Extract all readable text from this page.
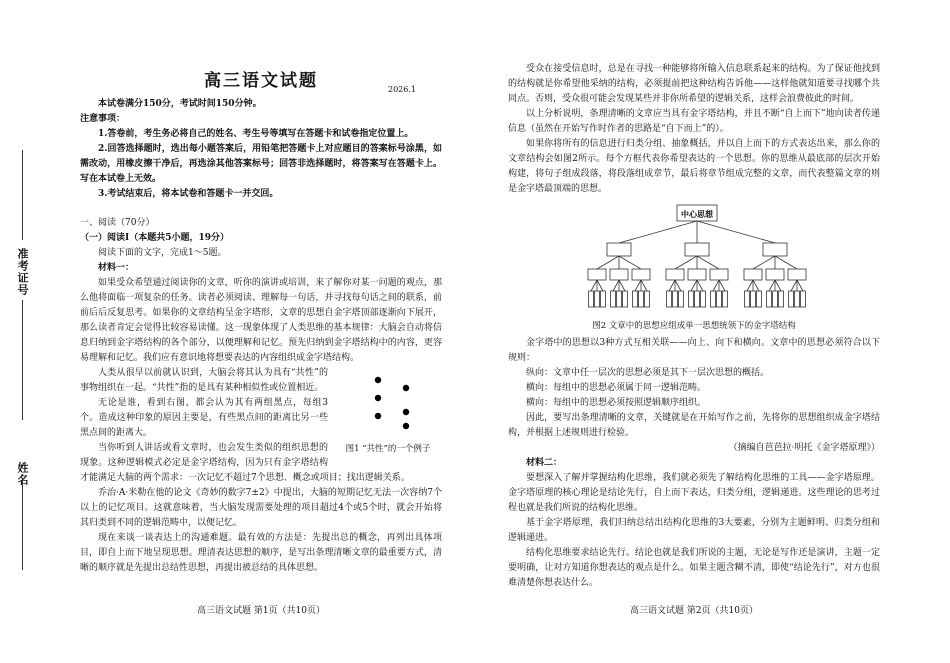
准考证号
姓名
高三语文试题	2026.1

本试卷满分150分，考试时间150分钟。

注意事项：

1.答卷前，考生务必将自己的姓名、考生号等填写在答题卡和试卷指定位置上。

2.回答选择题时，选出每小题答案后，用铅笔把答题卡上对应题目的答案标号涂黑，如需改动，用橡皮擦干净后，再选涂其他答案标号；回答非选择题时，将答案写在答题卡上。写在本试卷上无效。

3.考试结束后，将本试卷和答题卡一并交回。

一、阅读（70分）

（一）阅读Ⅰ（本题共5小题，19分）

阅读下面的文字，完成1～5题。

材料一：

如果受众希望通过阅读你的文章，听你的演讲或培训，来了解你对某一问题的观点，那么他将面临一项复杂的任务。读者必须阅读、理解每一句话，并寻找每句话之间的联系，前前后后反复思考。如果你的文章结构呈金字塔形，文章的思想自金字塔顶部逐渐向下展开，那么读者肯定会觉得比较容易读懂。这一现象体现了人类思维的基本规律：大脑会自动将信息归纳到金字塔结构的各个部分，以便理解和记忆。预先归纳到金字塔结构中的内容，更容易理解和记忆。我们应有意识地将想要表达的内容组织成金字塔结构。

图1 “共性”的一个例子

人类从很早以前就认识到，大脑会将其认为具有“共性”的事物组织在一起。“共性”指的是具有某种相似性或位置相近。

无论是谁，看到右图，都会认为其有两组黑点，每组3个。造成这种印象的原因主要是，有些黑点间的距离比另一些黑点间的距离大。

当你听到人讲话或看文章时，也会发生类似的组织思想的现象。这种逻辑模式必定是金字塔结构，因为只有金字塔结构才能满足大脑的两个需求：一次记忆不超过7个思想、概念或项目；找出逻辑关系。

乔治·A·米勒在他的论文《奇妙的数字7±2》中提出，大脑的短期记忆无法一次容纳7个以上的记忆项目。这就意味着，当大脑发现需要处理的项目超过4个或5个时，就会开始将其归类到不同的逻辑范畴中，以便记忆。

现在来谈一谈表达上的沟通难题。最有效的方法是：先提出总的概念，再列出具体项目，即自上而下地呈现思想。理清表达思想的顺序，是写出条理清晰文章的最重要方式，清晰的顺序就是先提出总结性思想，再提出被总结的具体思想。

高三语文试题 第1页（共10页）

受众在接受信息时，总是在寻找一种能够将所输入信息联系起来的结构。为了保证他找到的结构就是你希望他采纳的结构，必须提前把这种结构告诉他——这样他就知道要寻找哪个共同点。否则，受众很可能会发现某些并非你所希望的逻辑关系，这样会浪费彼此的时间。

以上分析说明，条理清晰的文章应当具有金字塔结构，并且不断“自上而下”地向读者传递信息（虽然在开始写作时作者的思路是“自下而上”的）。

如果你将所有的信息进行归类分组、抽象概括，并以自上而下的方式表达出来，那么你的文章结构会如图2所示。每个方框代表你希望表达的一个思想。你的思维从最底部的层次开始构建，将句子组成段落，将段落组成章节，最后将章节组成完整的文章，而代表整篇文章的则是金字塔最顶端的思想。

中心思想
图2 文章中的思想应组成单一思想统领下的金字塔结构

金字塔中的思想以3种方式互相关联——向上、向下和横向。文章中的思想必须符合以下规则：

纵向：文章中任一层次的思想必须是其下一层次思想的概括。

横向：每组中的思想必须属于同一逻辑范畴。

横向：每组中的思想必须按照逻辑顺序组织。

因此，要写出条理清晰的文章，关键就是在开始写作之前，先将你的思想组织成金字塔结构，并根据上述规则进行检验。

（摘编自芭芭拉·明托《金字塔原理》）

材料二：

要想深入了解并掌握结构化思维，我们就必须先了解结构化思维的工具——金字塔原理。金字塔原理的核心理论是结论先行，自上而下表达，归类分组，逻辑递进。这些理论的思考过程也就是我们所说的结构化思维。

基于金字塔原理，我们归纳总结出结构化思维的3大要素，分别为主题鲜明、归类分组和逻辑递进。

结构化思维要求结论先行。结论也就是我们所说的主题，无论是写作还是演讲，主题一定要明确，让对方知道你想表达的观点是什么。如果主题含糊不清，即使“结论先行”，对方也很难清楚你想表达什么。

高三语文试题 第2页（共10页）
